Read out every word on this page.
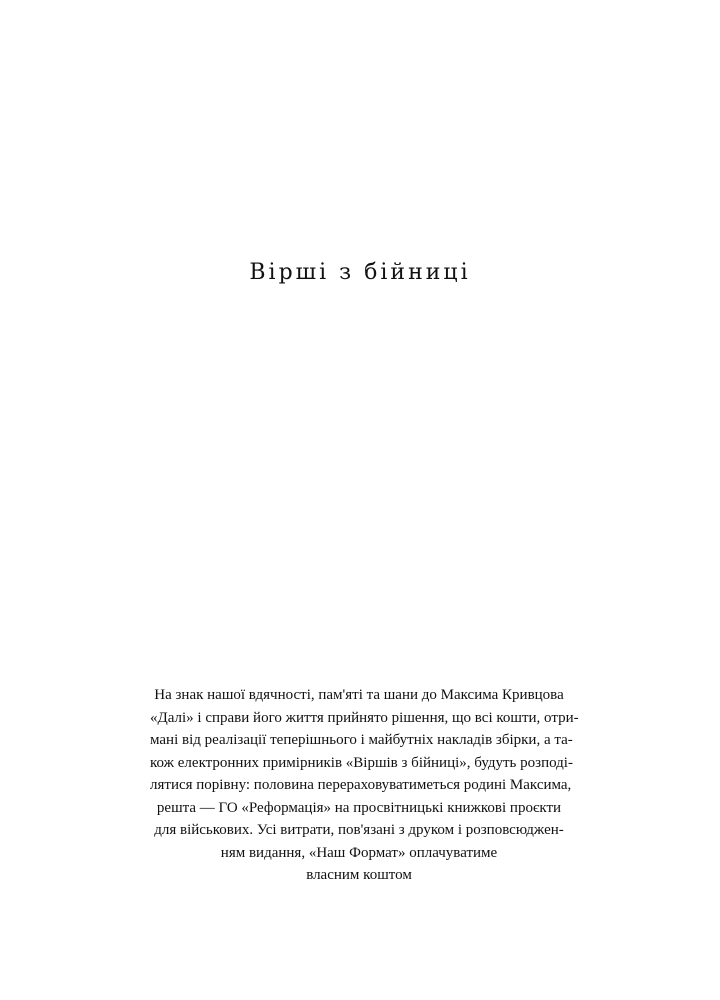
Вірші з бійниці

На знак нашої вдячності, пам'яті та шани до Максима Кривцова
«Далі» і справи його життя прийнято рішення, що всі кошти, отри-
мані від реалізації теперішнього і майбутніх накладів збірки, а та-
кож електронних примірників «Віршів з бійниці», будуть розподі-
лятися порівну: половина перераховуватиметься родині Максима,
решта — ГО «Реформація» на просвітницькі книжкові проєкти
для військових. Усі витрати, пов'язані з друком і розповсюджен-
ням видання, «Наш Формат» оплачуватиме
власним коштом
